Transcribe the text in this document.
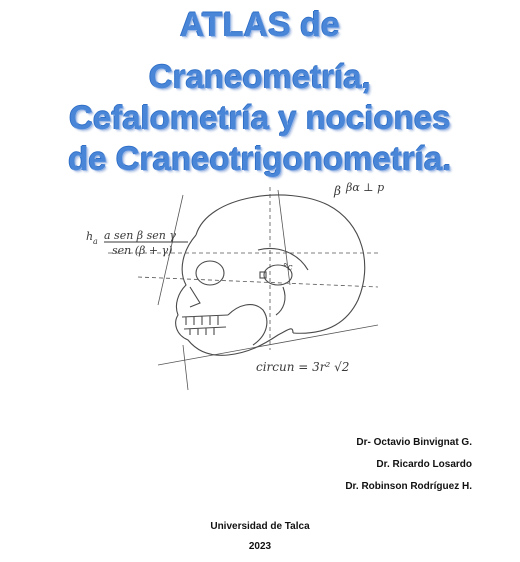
ATLAS de
Craneometría,
Cefalometría y nociones
de Craneotrigonometría.
h a a sen β sen γ
sen (β + γ)
β βα ⊥ p
°c
circun = 3r² √2
Dr- Octavio Binvignat G.
Dr. Ricardo Losardo
Dr. Robinson Rodríguez H.
Universidad de Talca
2023
